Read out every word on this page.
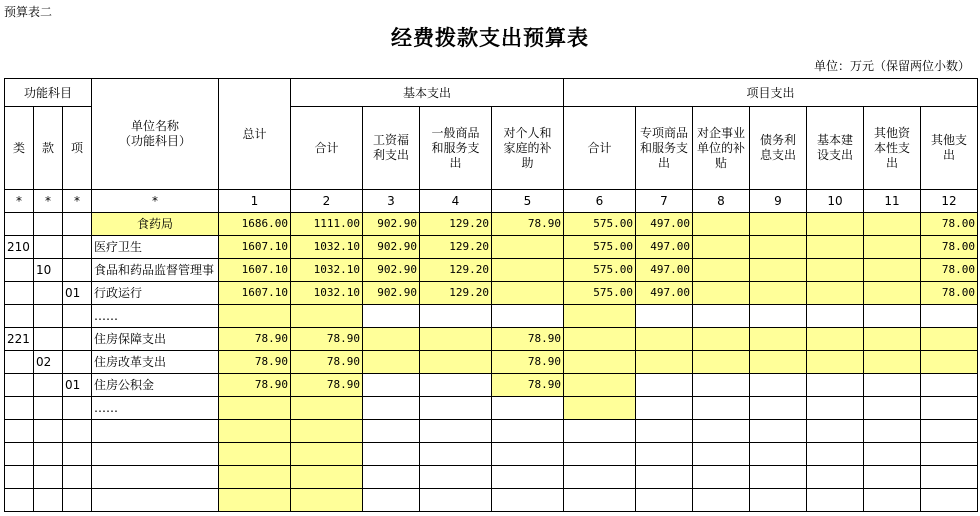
预算表二
经费拨款支出预算表
单位：万元（保留两位小数）
功能科目			单位名称
（功能科目）	总计	基本支出				项目支出						
类	款	项			合计	工资福利支出	一般商品和服务支出	对个人和家庭的补助	合计	专项商品和服务支出	对企事业单位的补贴	债务利息支出	基本建设支出	其他资本性支出	其他支出

*	*	*	*	1	2	3	4	5	6	7	8	9	10	11	12
			食药局	1686.00	1111.00	902.90	129.20	78.90	575.00	497.00					78.00
210			医疗卫生	1607.10	1032.10	902.90	129.20		575.00	497.00					78.00
	10		食品和药品监督管理事	1607.10	1032.10	902.90	129.20		575.00	497.00					78.00
		01	行政运行	1607.10	1032.10	902.90	129.20		575.00	497.00					78.00
			……												
221			住房保障支出	78.90	78.90			78.90							
	02		住房改革支出	78.90	78.90			78.90							
		01	住房公积金	78.90	78.90			78.90							
			……												
